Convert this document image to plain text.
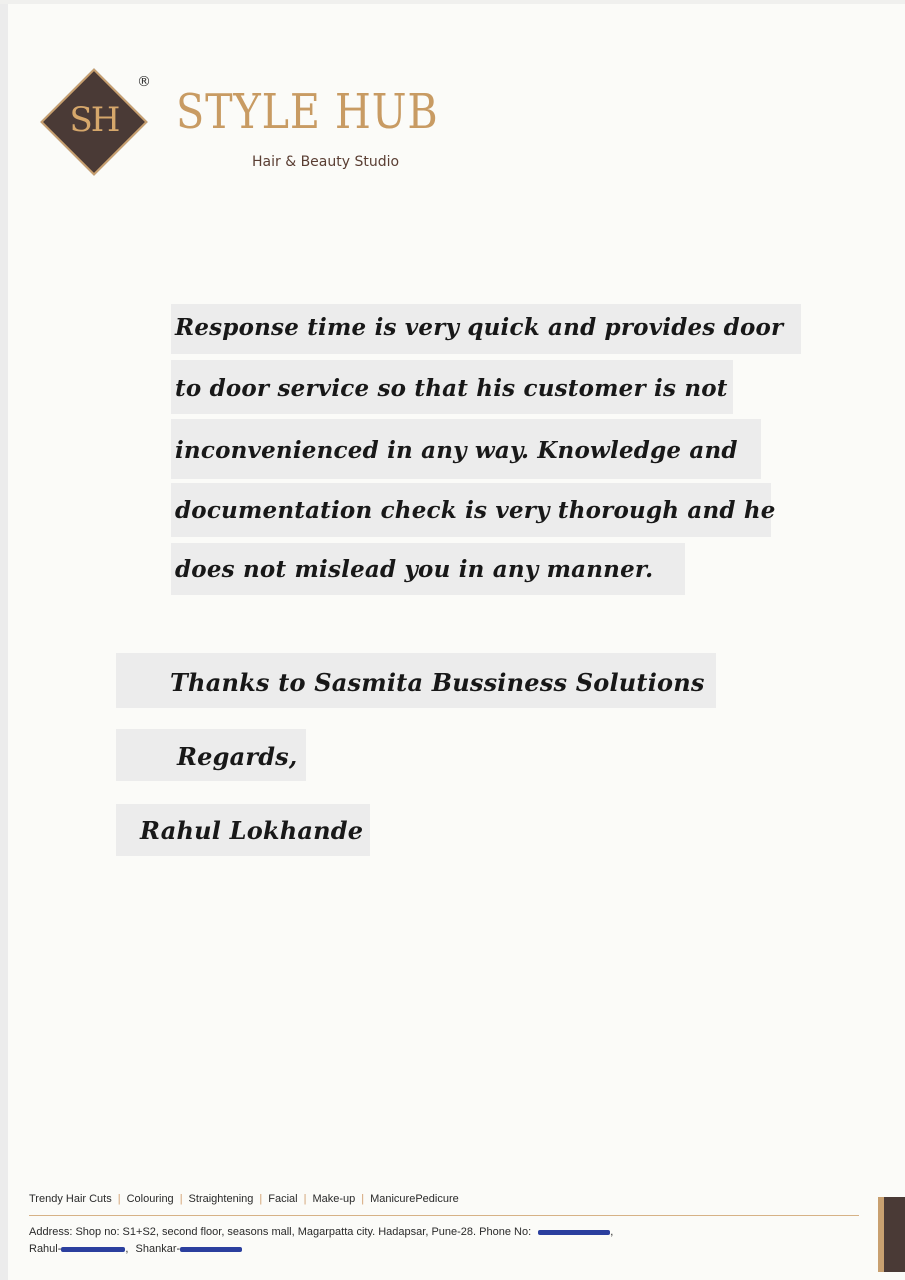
SH
®
STYLE HUB
Hair & Beauty Studio
Response time is very quick and provides door
to door service so that his customer is not
inconvenienced in any way. Knowledge and
documentation check is very thorough and he
does not mislead you in any manner.
Thanks to Sasmita Bussiness Solutions
Regards,
Rahul Lokhande
Trendy Hair Cuts | Colouring | Straightening | Facial | Make-up | ManicurePedicure
Address: Shop no: S1+S2, second floor, seasons mall, Magarpatta city. Hadapsar, Pune-28. Phone No:	,
Rahul-	, Shankar-
